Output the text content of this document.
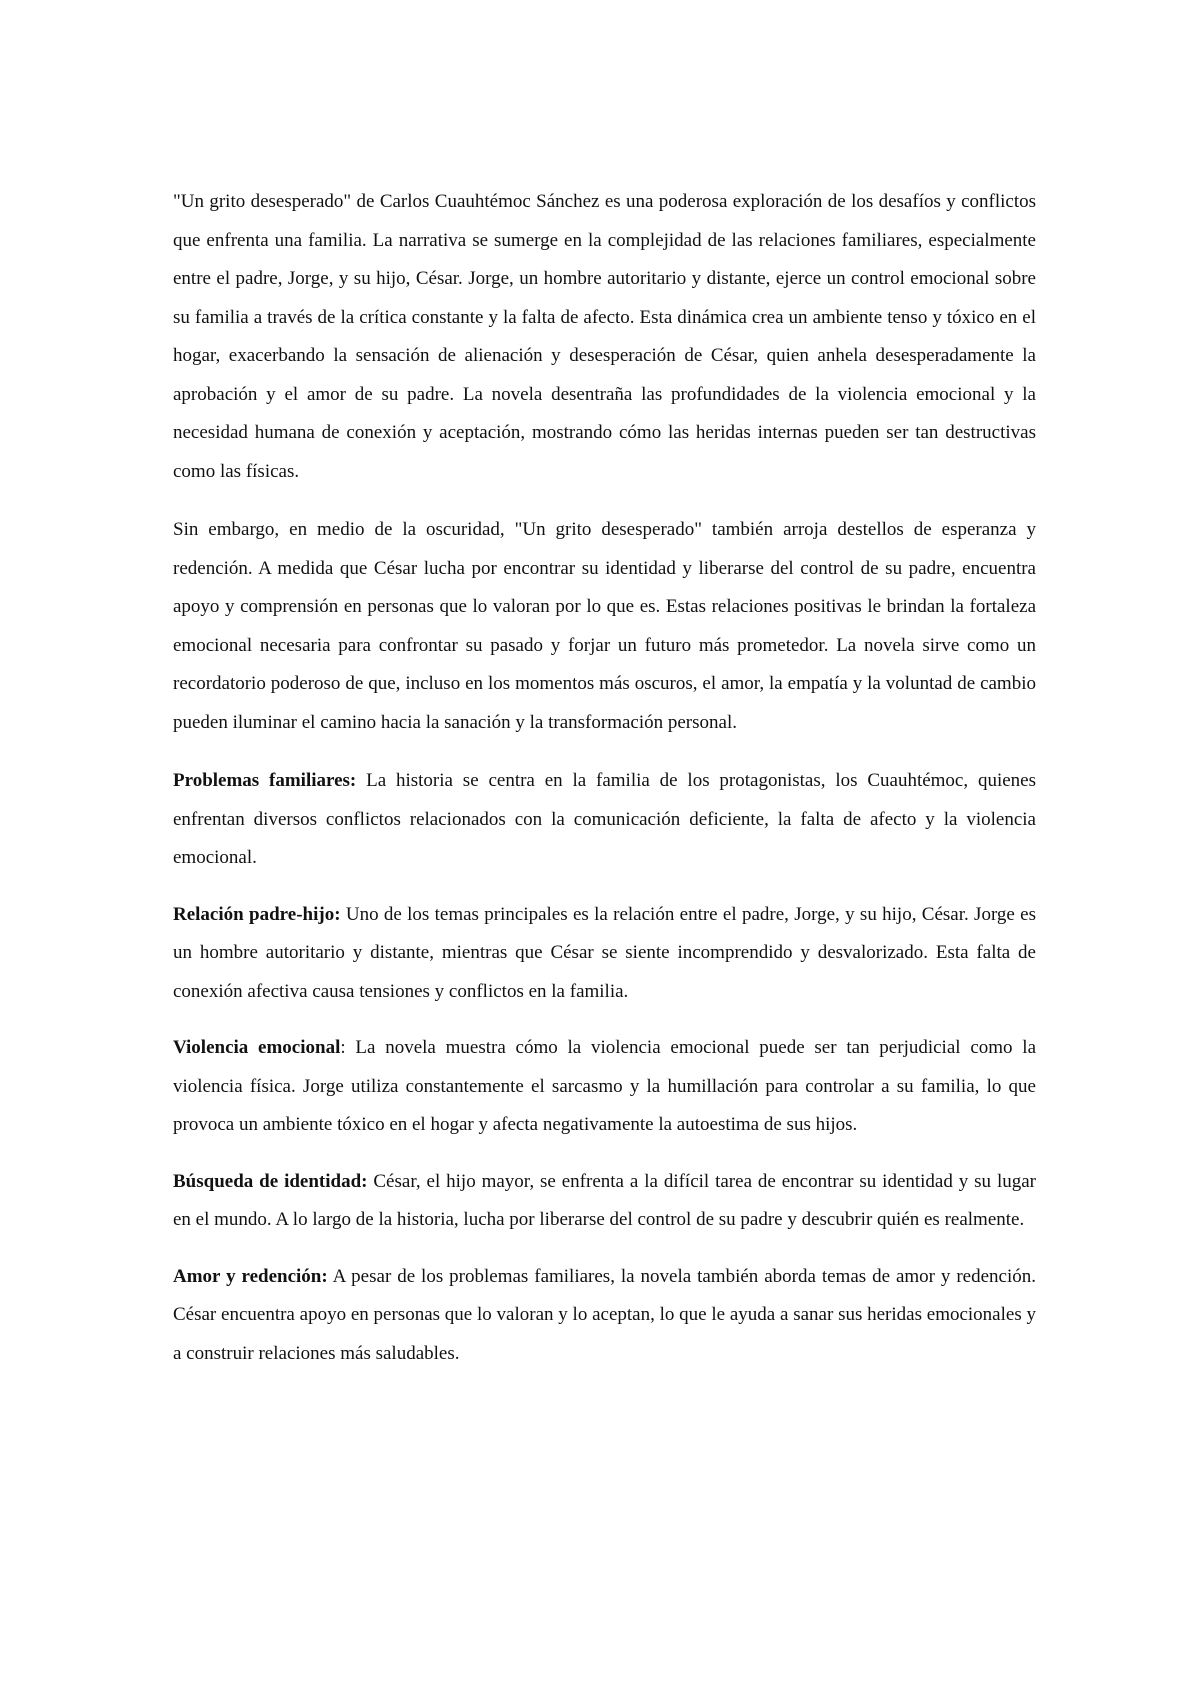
"Un grito desesperado" de Carlos Cuauhtémoc Sánchez es una poderosa exploración de los desafíos y conflictos que enfrenta una familia. La narrativa se sumerge en la complejidad de las relaciones familiares, especialmente entre el padre, Jorge, y su hijo, César. Jorge, un hombre autoritario y distante, ejerce un control emocional sobre su familia a través de la crítica constante y la falta de afecto. Esta dinámica crea un ambiente tenso y tóxico en el hogar, exacerbando la sensación de alienación y desesperación de César, quien anhela desesperadamente la aprobación y el amor de su padre. La novela desentraña las profundidades de la violencia emocional y la necesidad humana de conexión y aceptación, mostrando cómo las heridas internas pueden ser tan destructivas como las físicas.

Sin embargo, en medio de la oscuridad, "Un grito desesperado" también arroja destellos de esperanza y redención. A medida que César lucha por encontrar su identidad y liberarse del control de su padre, encuentra apoyo y comprensión en personas que lo valoran por lo que es. Estas relaciones positivas le brindan la fortaleza emocional necesaria para confrontar su pasado y forjar un futuro más prometedor. La novela sirve como un recordatorio poderoso de que, incluso en los momentos más oscuros, el amor, la empatía y la voluntad de cambio pueden iluminar el camino hacia la sanación y la transformación personal.

Problemas familiares: La historia se centra en la familia de los protagonistas, los Cuauhtémoc, quienes enfrentan diversos conflictos relacionados con la comunicación deficiente, la falta de afecto y la violencia emocional.

Relación padre-hijo: Uno de los temas principales es la relación entre el padre, Jorge, y su hijo, César. Jorge es un hombre autoritario y distante, mientras que César se siente incomprendido y desvalorizado. Esta falta de conexión afectiva causa tensiones y conflictos en la familia.

Violencia emocional: La novela muestra cómo la violencia emocional puede ser tan perjudicial como la violencia física. Jorge utiliza constantemente el sarcasmo y la humillación para controlar a su familia, lo que provoca un ambiente tóxico en el hogar y afecta negativamente la autoestima de sus hijos.

Búsqueda de identidad: César, el hijo mayor, se enfrenta a la difícil tarea de encontrar su identidad y su lugar en el mundo. A lo largo de la historia, lucha por liberarse del control de su padre y descubrir quién es realmente.

Amor y redención: A pesar de los problemas familiares, la novela también aborda temas de amor y redención. César encuentra apoyo en personas que lo valoran y lo aceptan, lo que le ayuda a sanar sus heridas emocionales y a construir relaciones más saludables.
